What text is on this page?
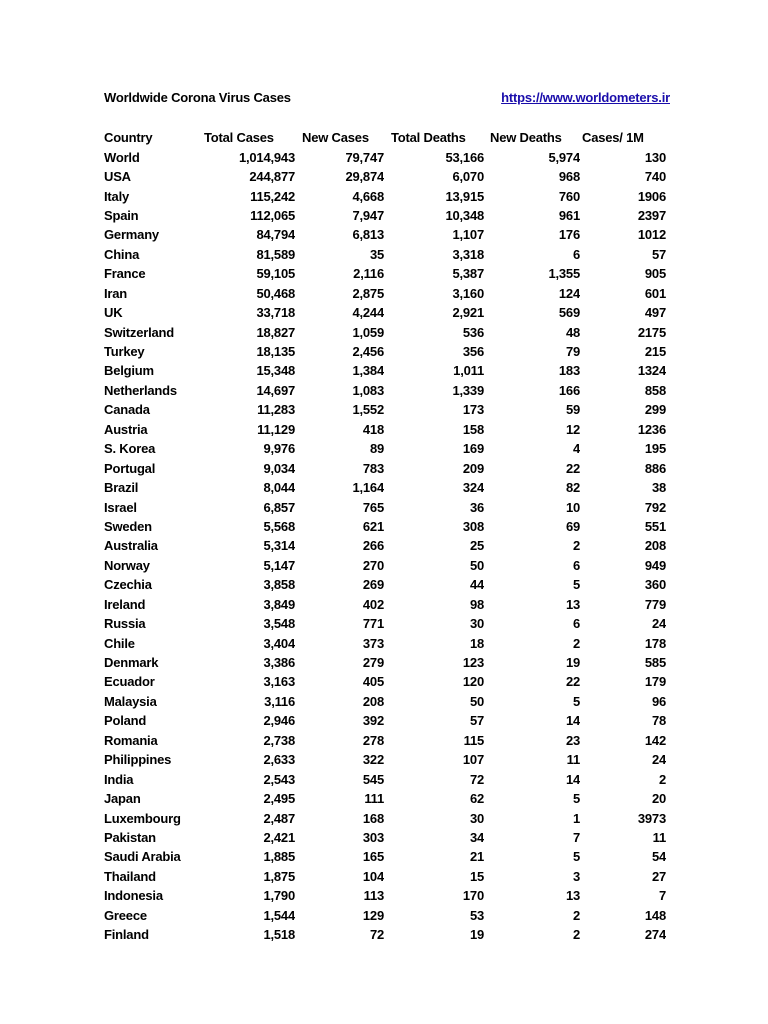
Worldwide Corona Virus Cases	https://www.worldometers.ir
Country	Total Cases	New Cases	Total Deaths	New Deaths	Cases/ 1M
World	1,014,943	79,747	53,166	5,974	130
USA	244,877	29,874	6,070	968	740
Italy	115,242	4,668	13,915	760	1906
Spain	112,065	7,947	10,348	961	2397
Germany	84,794	6,813	1,107	176	1012
China	81,589	35	3,318	6	57
France	59,105	2,116	5,387	1,355	905
Iran	50,468	2,875	3,160	124	601
UK	33,718	4,244	2,921	569	497
Switzerland	18,827	1,059	536	48	2175
Turkey	18,135	2,456	356	79	215
Belgium	15,348	1,384	1,011	183	1324
Netherlands	14,697	1,083	1,339	166	858
Canada	11,283	1,552	173	59	299
Austria	11,129	418	158	12	1236
S. Korea	9,976	89	169	4	195
Portugal	9,034	783	209	22	886
Brazil	8,044	1,164	324	82	38
Israel	6,857	765	36	10	792
Sweden	5,568	621	308	69	551
Australia	5,314	266	25	2	208
Norway	5,147	270	50	6	949
Czechia	3,858	269	44	5	360
Ireland	3,849	402	98	13	779
Russia	3,548	771	30	6	24
Chile	3,404	373	18	2	178
Denmark	3,386	279	123	19	585
Ecuador	3,163	405	120	22	179
Malaysia	3,116	208	50	5	96
Poland	2,946	392	57	14	78
Romania	2,738	278	115	23	142
Philippines	2,633	322	107	11	24
India	2,543	545	72	14	2
Japan	2,495	111	62	5	20
Luxembourg	2,487	168	30	1	3973
Pakistan	2,421	303	34	7	11
Saudi Arabia	1,885	165	21	5	54
Thailand	1,875	104	15	3	27
Indonesia	1,790	113	170	13	7
Greece	1,544	129	53	2	148
Finland	1,518	72	19	2	274
